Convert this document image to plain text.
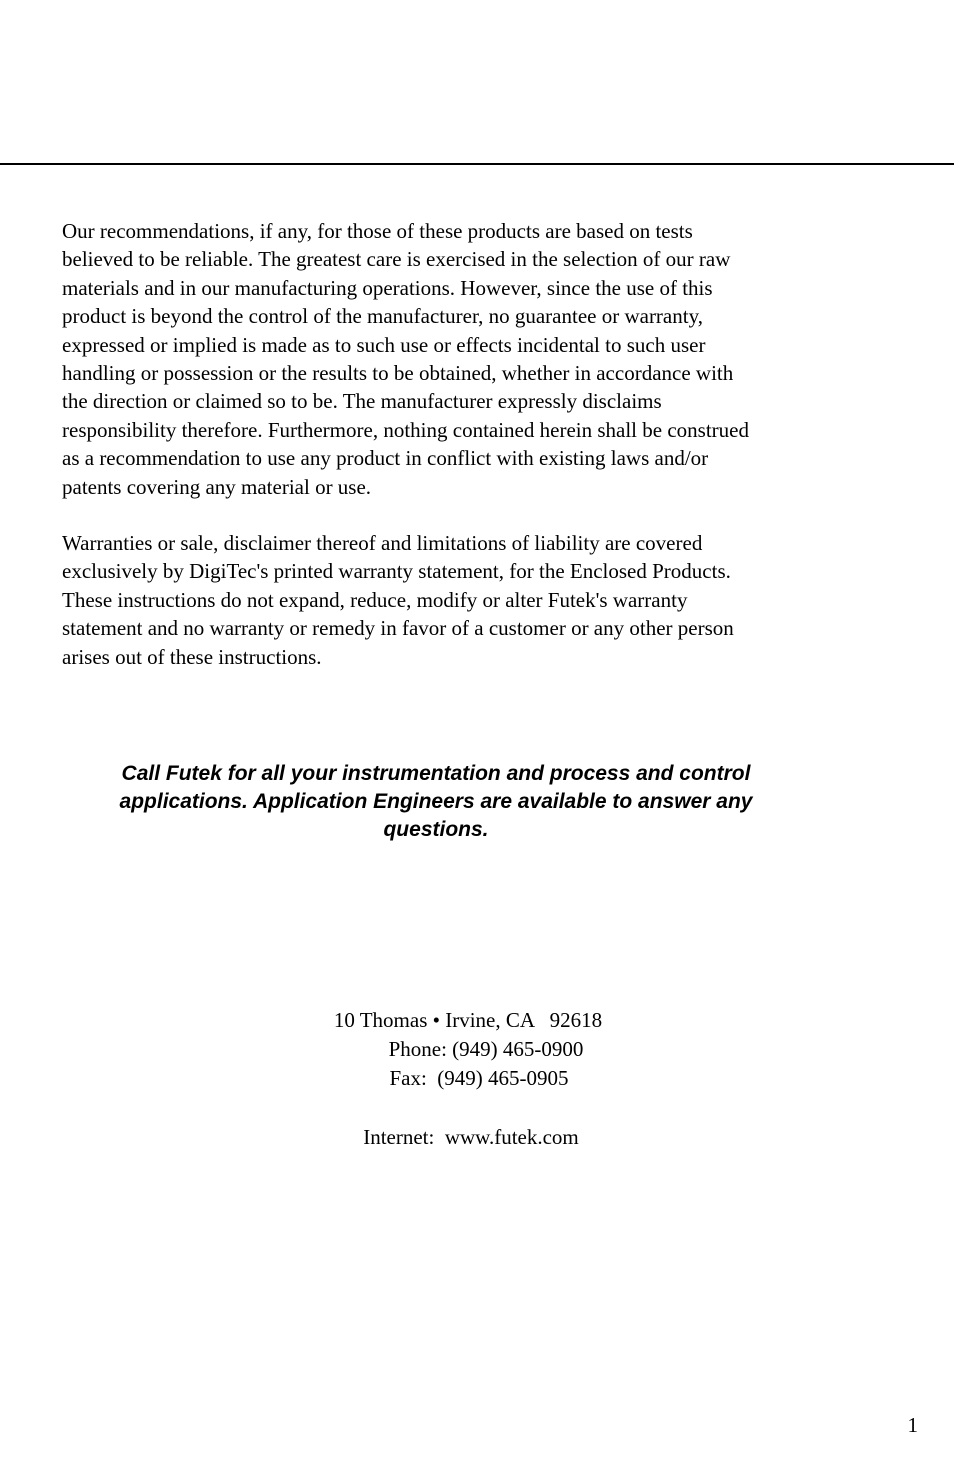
Our recommendations, if any, for those of these products are based on tests
believed to be reliable. The greatest care is exercised in the selection of our raw
materials and in our manufacturing operations. However, since the use of this
product is beyond the control of the manufacturer, no guarantee or warranty,
expressed or implied is made as to such use or effects incidental to such user
handling or possession or the results to be obtained, whether in accordance with
the direction or claimed so to be. The manufacturer expressly disclaims
responsibility therefore. Furthermore, nothing contained herein shall be construed
as a recommendation to use any product in conflict with existing laws and/or
patents covering any material or use.

Warranties or sale, disclaimer thereof and limitations of liability are covered
exclusively by DigiTec's printed warranty statement, for the Enclosed Products.
These instructions do not expand, reduce, modify or alter Futek's warranty
statement and no warranty or remedy in favor of a customer or any other person
arises out of these instructions.

Call Futek for all your instrumentation and process and control
applications. Application Engineers are available to answer any
questions.

10 Thomas • Irvine, CA   92618

Phone: (949) 465-0900

Fax:  (949) 465-0905

Internet:  www.futek.com

1
